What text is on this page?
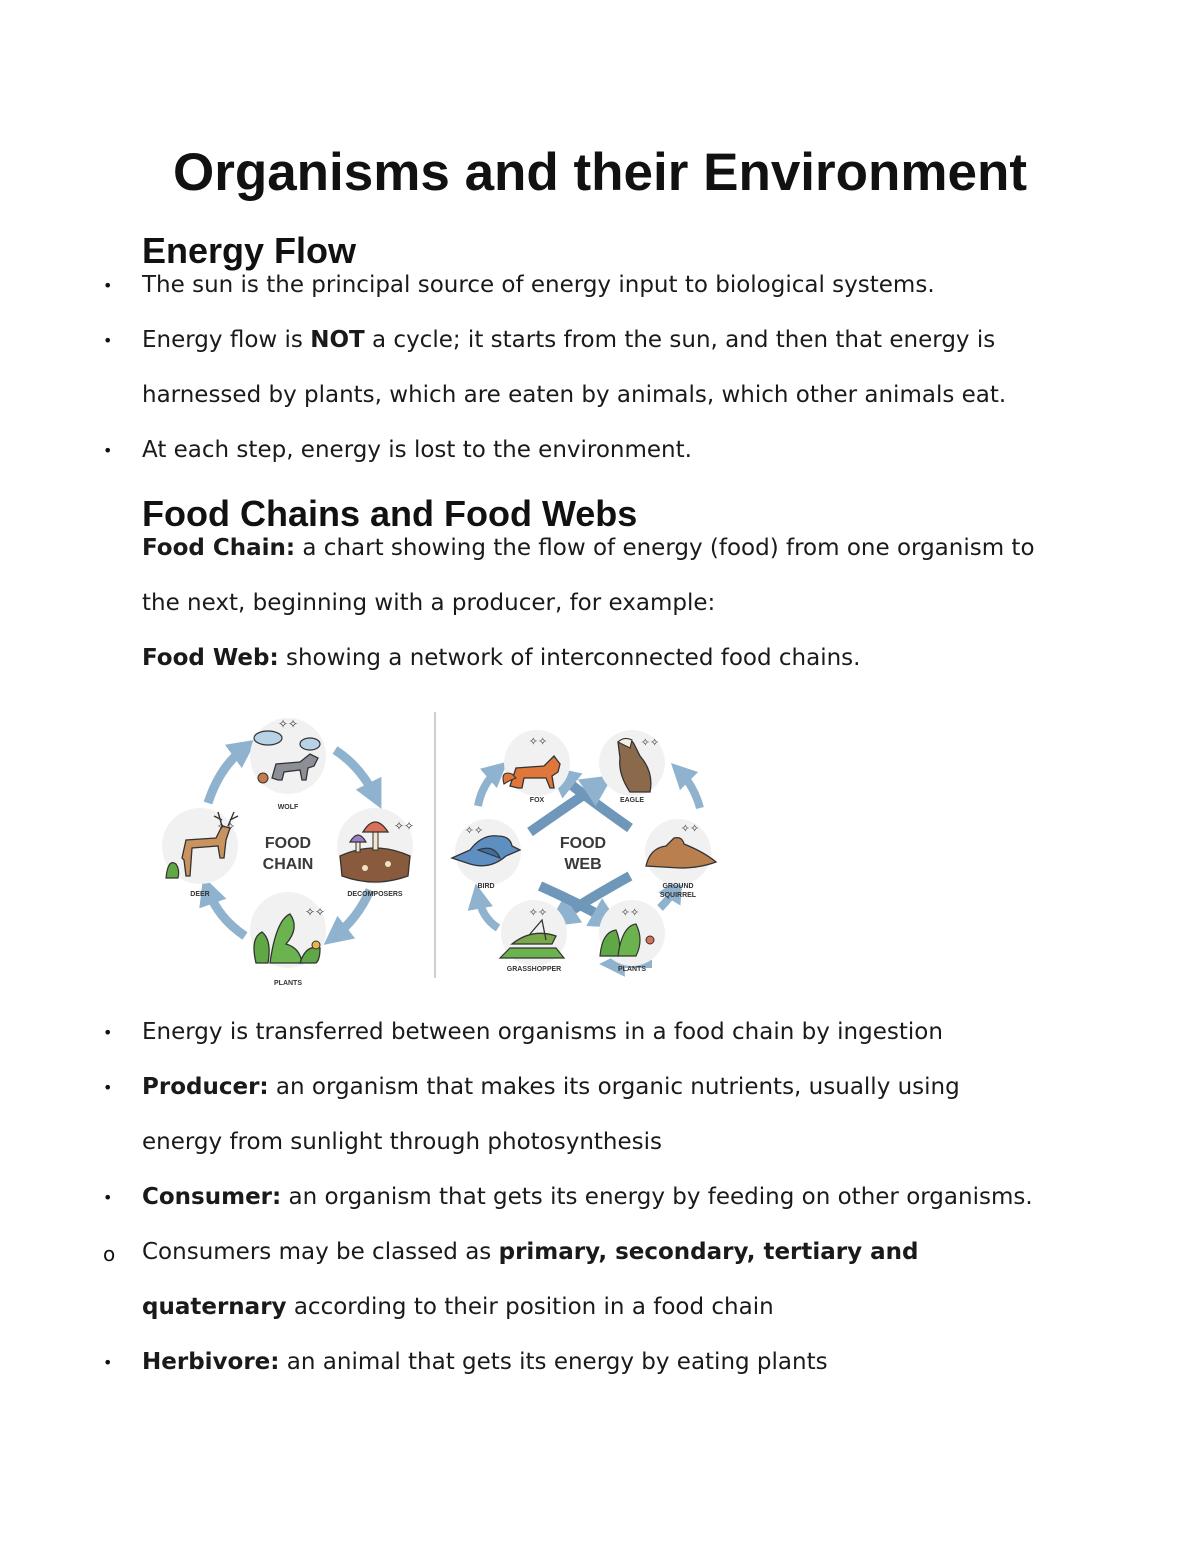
Organisms and their Environment
Energy Flow
• The sun is the principal source of energy input to biological systems.
• Energy flow is NOT a cycle; it starts from the sun, and then that energy is
harnessed by plants, which are eaten by animals, which other animals eat.
• At each step, energy is lost to the environment.
Food Chains and Food Webs
Food Chain: a chart showing the flow of energy (food) from one organism to
the next, beginning with a producer, for example:
Food Web: showing a network of interconnected food chains.
✧✧
WOLF
✧✧
DECOMPOSERS
✧✧
PLANTS
✧✧
DEER
FOOD
CHAIN
✧✧
FOX
✧✧
EAGLE
✧✧
GROUND
SQUIRREL
✧✧
PLANTS
✧✧
GRASSHOPPER
✧✧
BIRD
FOOD
WEB
• Energy is transferred between organisms in a food chain by ingestion
• Producer: an organism that makes its organic nutrients, usually using
energy from sunlight through photosynthesis
• Consumer: an organism that gets its energy by feeding on other organisms.
o Consumers may be classed as primary, secondary, tertiary and
quaternary according to their position in a food chain
• Herbivore: an animal that gets its energy by eating plants
